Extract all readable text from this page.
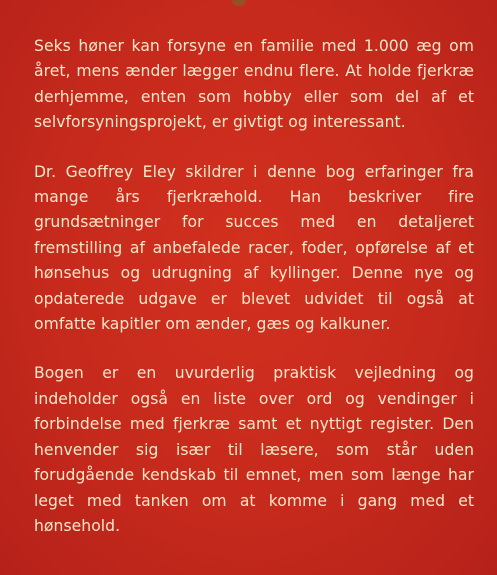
Seks høner kan forsyne en familie med 1.000 æg om året, mens ænder lægger endnu flere. At holde fjerkræ derhjemme, enten som hobby eller som del af et selvforsyningsprojekt, er givtigt og interessant.

Dr. Geoffrey Eley skildrer i denne bog erfaringer fra mange års fjerkræhold. Han beskriver fire grundsætninger for succes med en detaljeret fremstilling af anbefalede racer, foder, opførelse af et hønsehus og udrugning af kyllinger. Denne nye og opdaterede udgave er blevet udvidet til også at omfatte kapitler om ænder, gæs og kalkuner.

Bogen er en uvurderlig praktisk vejledning og indeholder også en liste over ord og vendinger i forbindelse med fjerkræ samt et nyttigt register. Den henvender sig især til læsere, som står uden forudgående kendskab til emnet, men som længe har leget med tanken om at komme i gang med et hønsehold.
